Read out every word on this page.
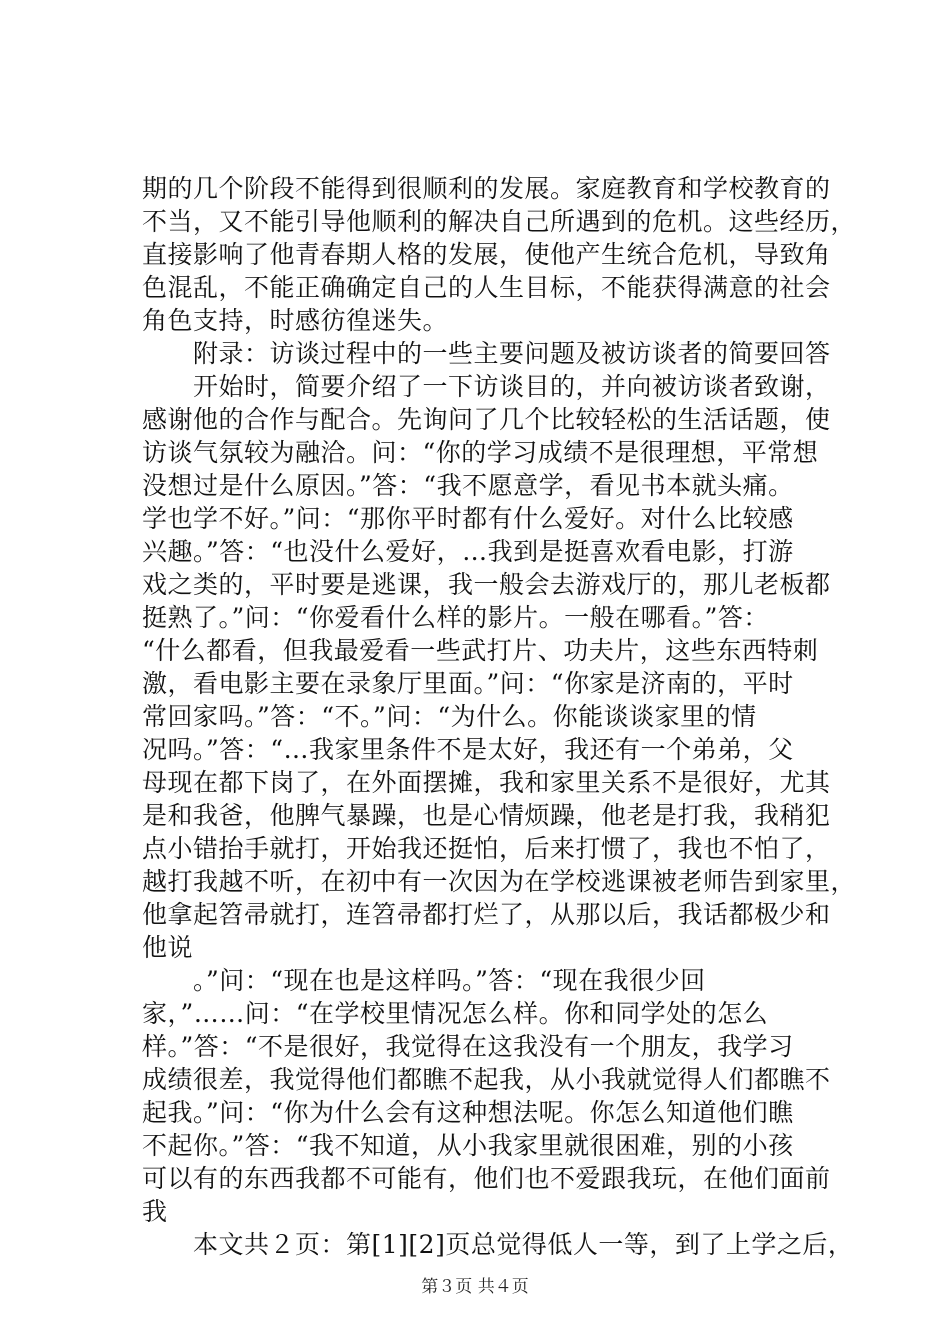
期的几个阶段不能得到很顺利的发展。家庭教育和学校教育的
不当，又不能引导他顺利的解决自己所遇到的危机。这些经历，
直接影响了他青春期人格的发展，使他产生统合危机，导致角
色混乱，不能正确确定自己的人生目标，不能获得满意的社会
角色支持，时感彷徨迷失。
　　附录：访谈过程中的一些主要问题及被访谈者的简要回答
　　开始时，简要介绍了一下访谈目的，并向被访谈者致谢，
感谢他的合作与配合。先询问了几个比较轻松的生活话题，使
访谈气氛较为融洽。问：“你的学习成绩不是很理想，平常想
没想过是什么原因。”答：“我不愿意学，看见书本就头痛。
学也学不好。”问：“那你平时都有什么爱好。对什么比较感
兴趣。”答：“也没什么爱好，…我到是挺喜欢看电影，打游
戏之类的，平时要是逃课，我一般会去游戏厅的，那儿老板都
挺熟了。”问：“你爱看什么样的影片。一般在哪看。”答：
“什么都看，但我最爱看一些武打片、功夫片，这些东西特刺
激，看电影主要在录象厅里面。”问：“你家是济南的，平时
常回家吗。”答：“不。”问：“为什么。你能谈谈家里的情
况吗。”答：“…我家里条件不是太好，我还有一个弟弟，父
母现在都下岗了，在外面摆摊，我和家里关系不是很好，尤其
是和我爸，他脾气暴躁，也是心情烦躁，他老是打我，我稍犯
点小错抬手就打，开始我还挺怕，后来打惯了，我也不怕了，
越打我越不听，在初中有一次因为在学校逃课被老师告到家里，
他拿起笤帚就打，连笤帚都打烂了，从那以后，我话都极少和
他说
　　。”问：“现在也是这样吗。”答：“现在我很少回
家，”……问：“在学校里情况怎么样。你和同学处的怎么
样。”答：“不是很好，我觉得在这我没有一个朋友，我学习
成绩很差，我觉得他们都瞧不起我，从小我就觉得人们都瞧不
起我。”问：“你为什么会有这种想法呢。你怎么知道他们瞧
不起你。”答：“我不知道，从小我家里就很困难，别的小孩
可以有的东西我都不可能有，他们也不爱跟我玩，在他们面前
我
　　本文共２页：第[1][2]页总觉得低人一等，到了上学之后，
第３页 共４页
